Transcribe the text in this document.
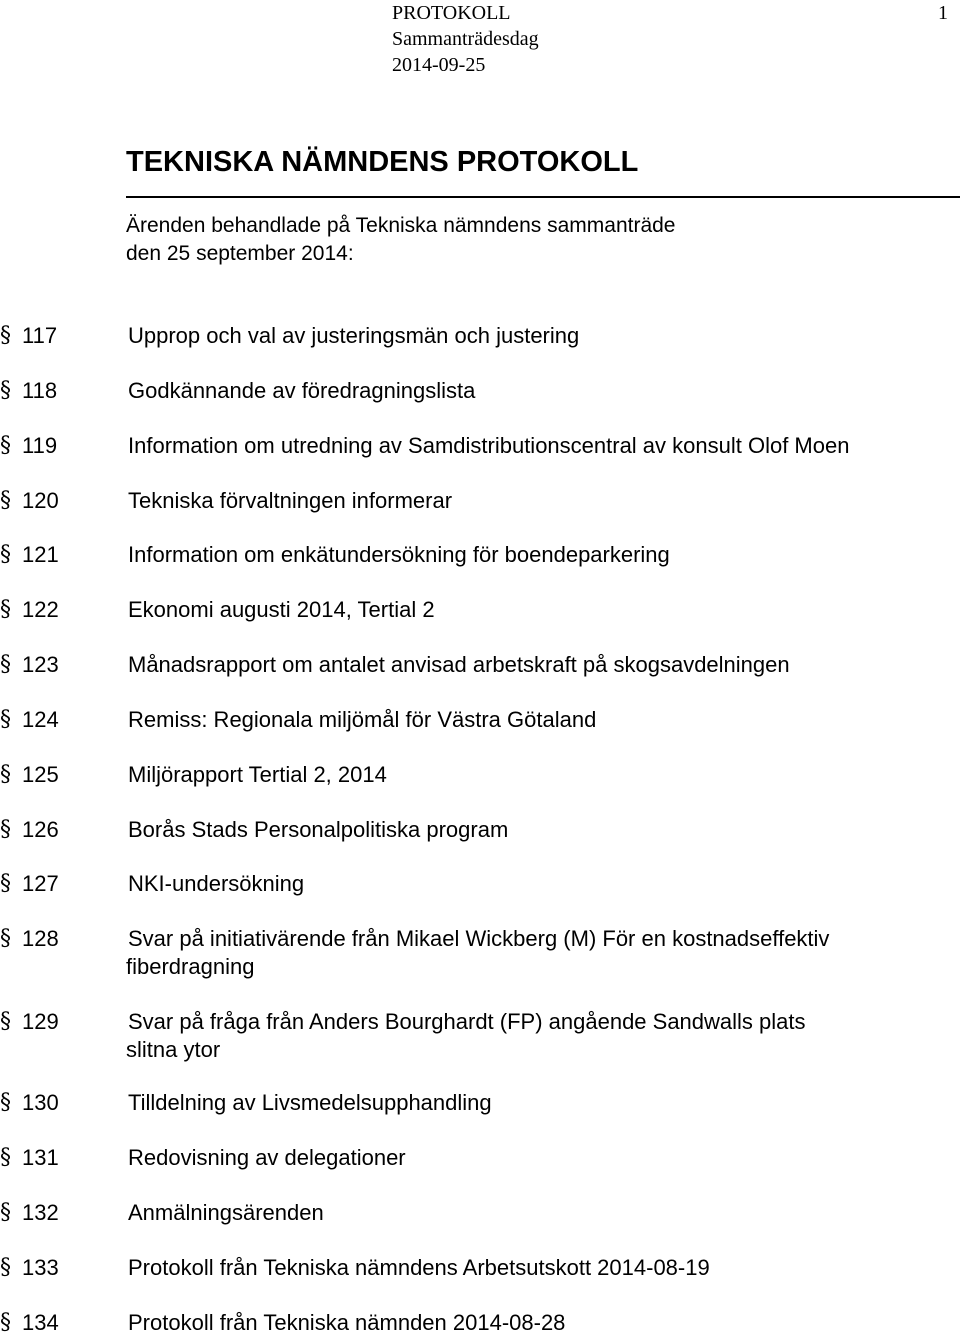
PROTOKOLL
Sammanträdesdag
2014-09-25
1
TEKNISKA NÄMNDENS PROTOKOLL
Ärenden behandlade på Tekniska nämndens sammanträde
den 25 september 2014:
§ 117	Upprop och val av justeringsmän och justering
§ 118	Godkännande av föredragningslista
§ 119	Information om utredning av Samdistributionscentral av konsult Olof Moen
§ 120	Tekniska förvaltningen informerar
§ 121	Information om enkätundersökning för boendeparkering
§ 122	Ekonomi augusti 2014, Tertial 2
§ 123	Månadsrapport om antalet anvisad arbetskraft på skogsavdelningen
§ 124	Remiss: Regionala miljömål för Västra Götaland
§ 125	Miljörapport Tertial 2, 2014
§ 126	Borås Stads Personalpolitiska program
§ 127	NKI-undersökning
§ 128	Svar på initiativärende från Mikael Wickberg (M) För en kostnadseffektiv
fiberdragning
§ 129	Svar på fråga från Anders Bourghardt (FP) angående Sandwalls plats
slitna ytor
§ 130	Tilldelning av Livsmedelsupphandling
§ 131	Redovisning av delegationer
§ 132	Anmälningsärenden
§ 133	Protokoll från Tekniska nämndens Arbetsutskott 2014-08-19
§ 134	Protokoll från Tekniska nämnden 2014-08-28
